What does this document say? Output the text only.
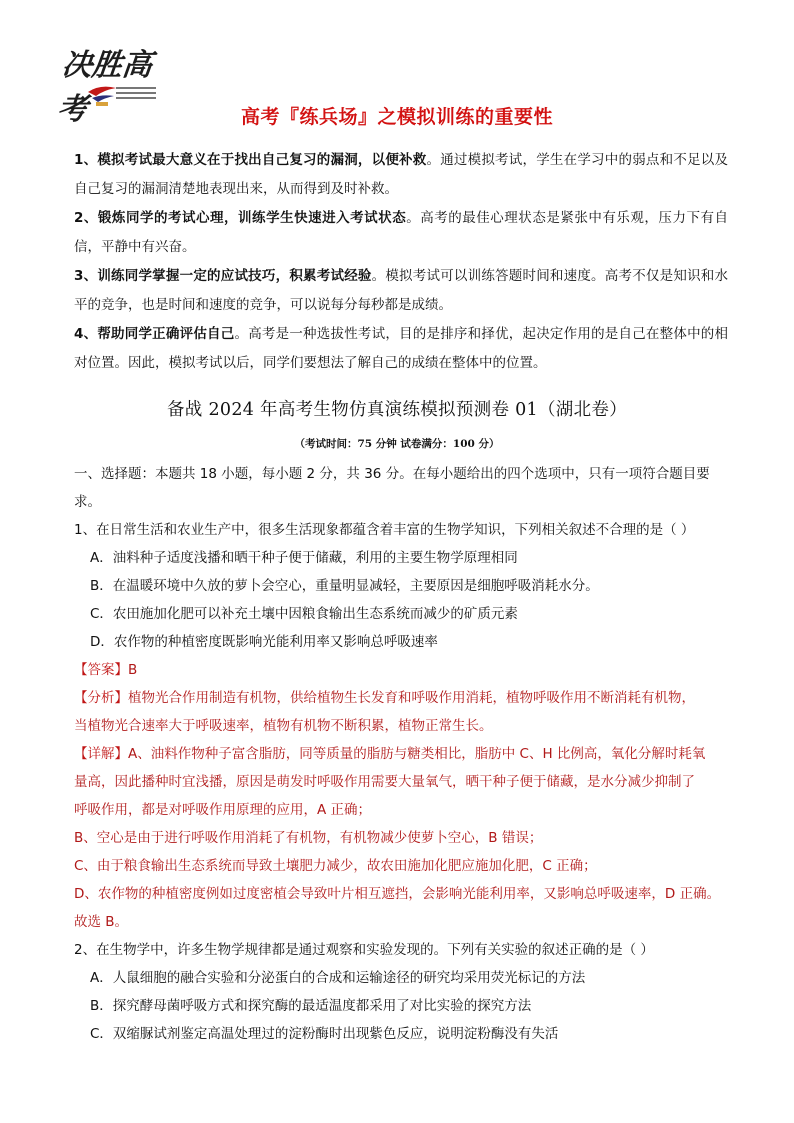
决胜高考	高考『练兵场』之模拟训练的重要性

1、模拟考试最大意义在于找出自己复习的漏洞，以便补救。通过模拟考试，学生在学习中的弱点和不足以及自己复习的漏洞清楚地表现出来，从而得到及时补救。

2、锻炼同学的考试心理，训练学生快速进入考试状态。高考的最佳心理状态是紧张中有乐观，压力下有自信，平静中有兴奋。

3、训练同学掌握一定的应试技巧，积累考试经验。模拟考试可以训练答题时间和速度。高考不仅是知识和水平的竞争，也是时间和速度的竞争，可以说每分每秒都是成绩。

4、帮助同学正确评估自己。高考是一种选拔性考试，目的是排序和择优，起决定作用的是自己在整体中的相对位置。因此，模拟考试以后，同学们要想法了解自己的成绩在整体中的位置。

备战 2024 年高考生物仿真演练模拟预测卷 01（湖北卷）
（考试时间：75 分钟 试卷满分：100 分）

一、选择题：本题共 18 小题，每小题 2 分，共 36 分。在每小题给出的四个选项中，只有一项符合题目要

求。

1、在日常生活和农业生产中，很多生活现象都蕴含着丰富的生物学知识，下列相关叙述不合理的是（ ）

A．油料种子适度浅播和晒干种子便于储藏，利用的主要生物学原理相同

B．在温暖环境中久放的萝卜会空心，重量明显减轻，主要原因是细胞呼吸消耗水分。

C．农田施加化肥可以补充土壤中因粮食输出生态系统而减少的矿质元素

D．农作物的种植密度既影响光能利用率又影响总呼吸速率

【答案】B

【分析】植物光合作用制造有机物，供给植物生长发育和呼吸作用消耗，植物呼吸作用不断消耗有机物，

当植物光合速率大于呼吸速率，植物有机物不断积累，植物正常生长。

【详解】A、油料作物种子富含脂肪，同等质量的脂肪与糖类相比，脂肪中 C、H 比例高，氧化分解时耗氧

量高，因此播种时宜浅播，原因是萌发时呼吸作用需要大量氧气，晒干种子便于储藏，是水分减少抑制了

呼吸作用，都是对呼吸作用原理的应用，A 正确；

B、空心是由于进行呼吸作用消耗了有机物，有机物减少使萝卜空心，B 错误；

C、由于粮食输出生态系统而导致土壤肥力减少，故农田施加化肥应施加化肥，C 正确；

D、农作物的种植密度例如过度密植会导致叶片相互遮挡，会影响光能利用率，又影响总呼吸速率，D 正确。

故选 B。

2、在生物学中，许多生物学规律都是通过观察和实验发现的。下列有关实验的叙述正确的是（ ）

A．人鼠细胞的融合实验和分泌蛋白的合成和运输途径的研究均采用荧光标记的方法

B．探究酵母菌呼吸方式和探究酶的最适温度都采用了对比实验的探究方法

C．双缩脲试剂鉴定高温处理过的淀粉酶时出现紫色反应，说明淀粉酶没有失活
